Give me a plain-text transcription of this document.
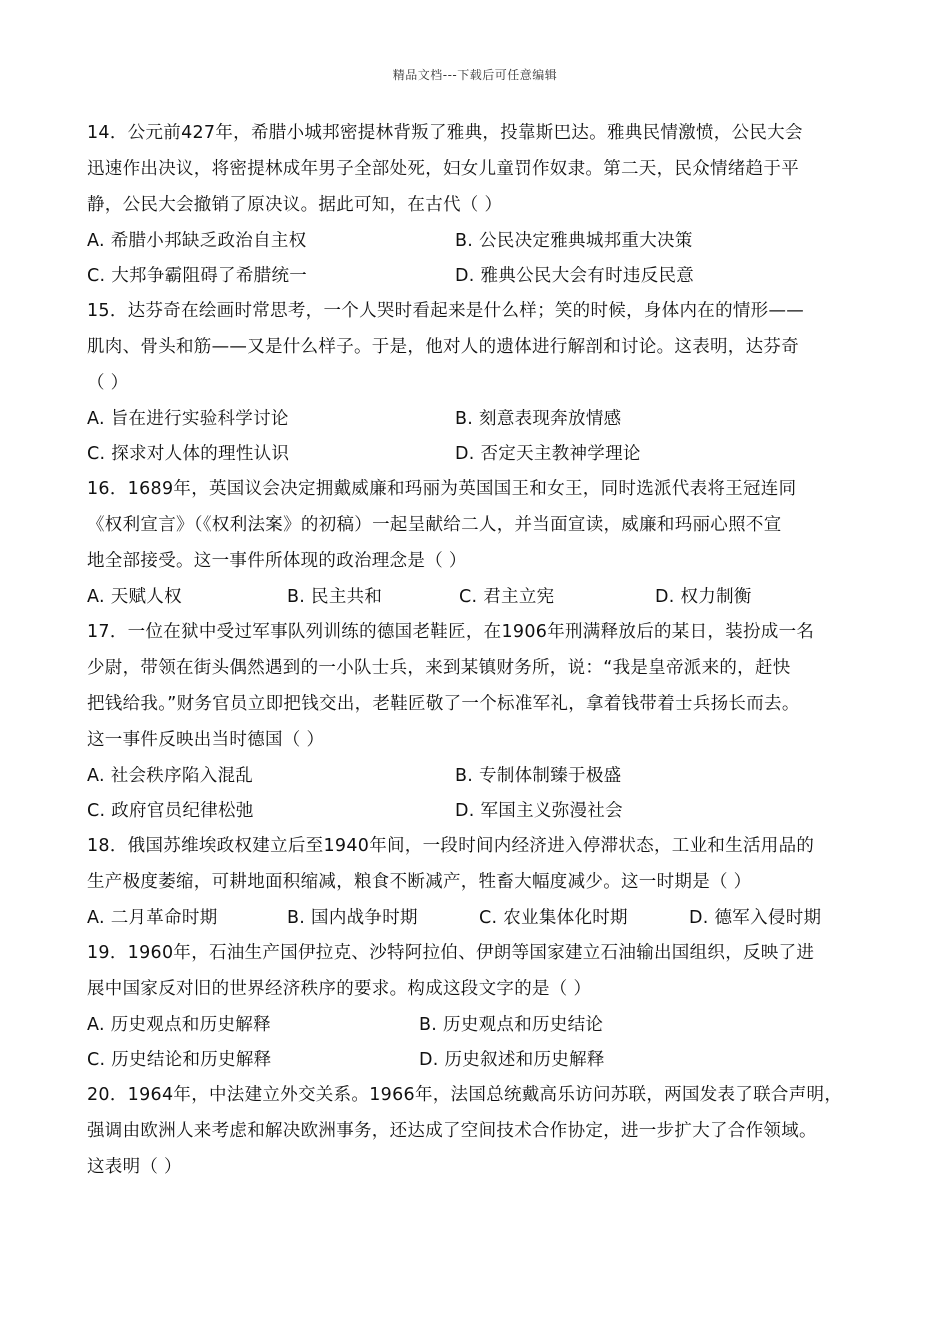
精品文档---下载后可任意编辑
14．公元前427年，希腊小城邦密提林背叛了雅典，投靠斯巴达。雅典民情激愤，公民大会
迅速作出决议，将密提林成年男子全部处死，妇女儿童罚作奴隶。第二天，民众情绪趋于平
静，公民大会撤销了原决议。据此可知，在古代（ ）
A. 希腊小邦缺乏政治自主权	B. 公民决定雅典城邦重大决策
C. 大邦争霸阻碍了希腊统一	D. 雅典公民大会有时违反民意
15．达芬奇在绘画时常思考，一个人哭时看起来是什么样；笑的时候，身体内在的情形——
肌肉、骨头和筋——又是什么样子。于是，他对人的遗体进行解剖和讨论。这表明，达芬奇
（ ）
A. 旨在进行实验科学讨论	B. 刻意表现奔放情感
C. 探求对人体的理性认识	D. 否定天主教神学理论
16．1689年，英国议会决定拥戴威廉和玛丽为英国国王和女王，同时选派代表将王冠连同
《权利宣言》（《权利法案》的初稿）一起呈献给二人，并当面宣读，威廉和玛丽心照不宣
地全部接受。这一事件所体现的政治理念是（ ）
A. 天赋人权	B. 民主共和	C. 君主立宪	D. 权力制衡
17．一位在狱中受过军事队列训练的德国老鞋匠，在1906年刑满释放后的某日，装扮成一名
少尉，带领在街头偶然遇到的一小队士兵，来到某镇财务所，说：“我是皇帝派来的，赶快
把钱给我。”财务官员立即把钱交出，老鞋匠敬了一个标准军礼，拿着钱带着士兵扬长而去。
这一事件反映出当时德国（ ）
A. 社会秩序陷入混乱	B. 专制体制臻于极盛
C. 政府官员纪律松弛	D. 军国主义弥漫社会
18．俄国苏维埃政权建立后至1940年间，一段时间内经济进入停滞状态，工业和生活用品的
生产极度萎缩，可耕地面积缩减，粮食不断减产，牲畜大幅度减少。这一时期是（ ）
A. 二月革命时期	B. 国内战争时期	C. 农业集体化时期	D. 德军入侵时期
19．1960年，石油生产国伊拉克、沙特阿拉伯、伊朗等国家建立石油输出国组织，反映了进
展中国家反对旧的世界经济秩序的要求。构成这段文字的是（ ）
A. 历史观点和历史解释	B. 历史观点和历史结论
C. 历史结论和历史解释	D. 历史叙述和历史解释
20．1964年，中法建立外交关系。1966年，法国总统戴高乐访问苏联，两国发表了联合声明，
强调由欧洲人来考虑和解决欧洲事务，还达成了空间技术合作协定，进一步扩大了合作领域。
这表明（ ）
